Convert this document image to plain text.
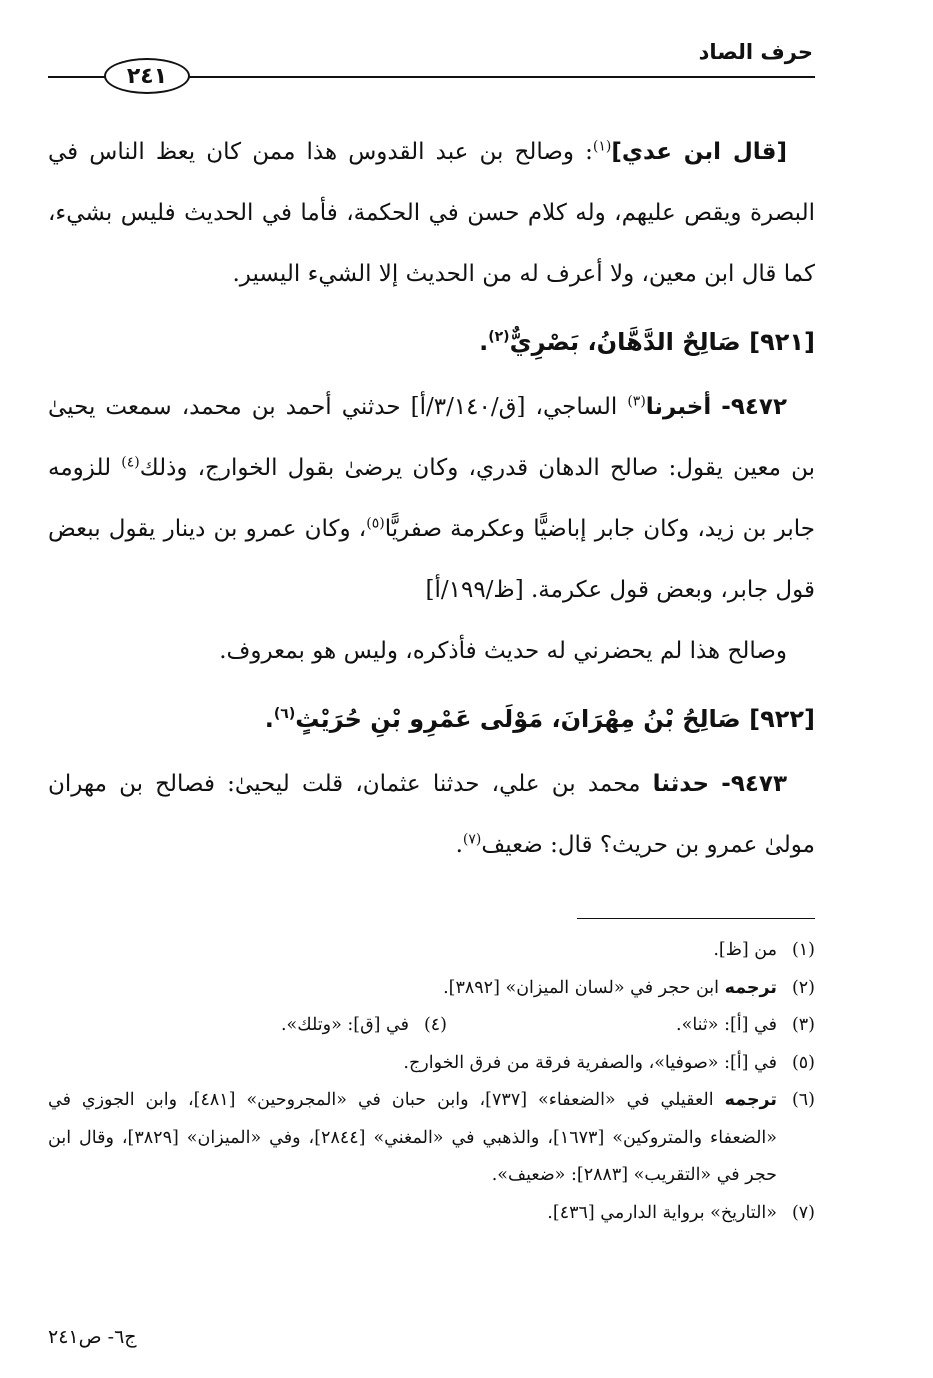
حرف الصاد
٢٤١

[قال ابن عدي]$^{(١)}$: وصالح بن عبد القدوس هذا ممن كان يعظ الناس في البصرة ويقص عليهم، وله كلام حسن في الحكمة، فأما في الحديث فليس بشيء، كما قال ابن معين، ولا أعرف له من الحديث إلا الشيء اليسير.

[٩٢١] صَالِحٌ الدَّهَّانُ، بَصْرِيٌّ$^{(٢)}$.

٩٤٧٢- أخبرنا$^{(٣)}$ الساجي، [ق/٣/١٤٠/أ] حدثني أحمد بن محمد، سمعت يحيىٰ بن معين يقول: صالح الدهان قدري، وكان يرضىٰ بقول الخوارج، وذلك$^{(٤)}$ للزومه جابر بن زيد، وكان جابر إباضيًّا وعكرمة صفريًّا$^{(٥)}$، وكان عمرو بن دينار يقول ببعض قول جابر، وبعض قول عكرمة. [ظ/١٩٩/أ]

وصالح هذا لم يحضرني له حديث فأذكره، وليس هو بمعروف.

[٩٢٢] صَالِحُ بْنُ مِهْرَانَ، مَوْلَى عَمْرِو بْنِ حُرَيْثٍ$^{(٦)}$.

٩٤٧٣- حدثنا محمد بن علي، حدثنا عثمان، قلت ليحيىٰ: فصالح بن مهران مولىٰ عمرو بن حريث؟ قال: ضعيف$^{(٧)}$.

(١)
من [ظ].

(٢)
ترجمه ابن حجر في «لسان الميزان» [٣٨٩٢].

(٣)
في [أ]: «ثنا».

(٤)
في [ق]: «وتلك».

(٥)
في [أ]: «صوفيا»، والصفرية فرقة من فرق الخوارج.

(٦)
ترجمه العقيلي في «الضعفاء» [٧٣٧]، وابن حبان في «المجروحين» [٤٨١]، وابن الجوزي في «الضعفاء والمتروكين» [١٦٧٣]، والذهبي في «المغني» [٢٨٤٤]، وفي «الميزان» [٣٨٢٩]، وقال ابن حجر في «التقريب» [٢٨٨٣]: «ضعيف».

(٧)
«التاريخ» برواية الدارمي [٤٣٦].

ج٦- ص٢٤١
